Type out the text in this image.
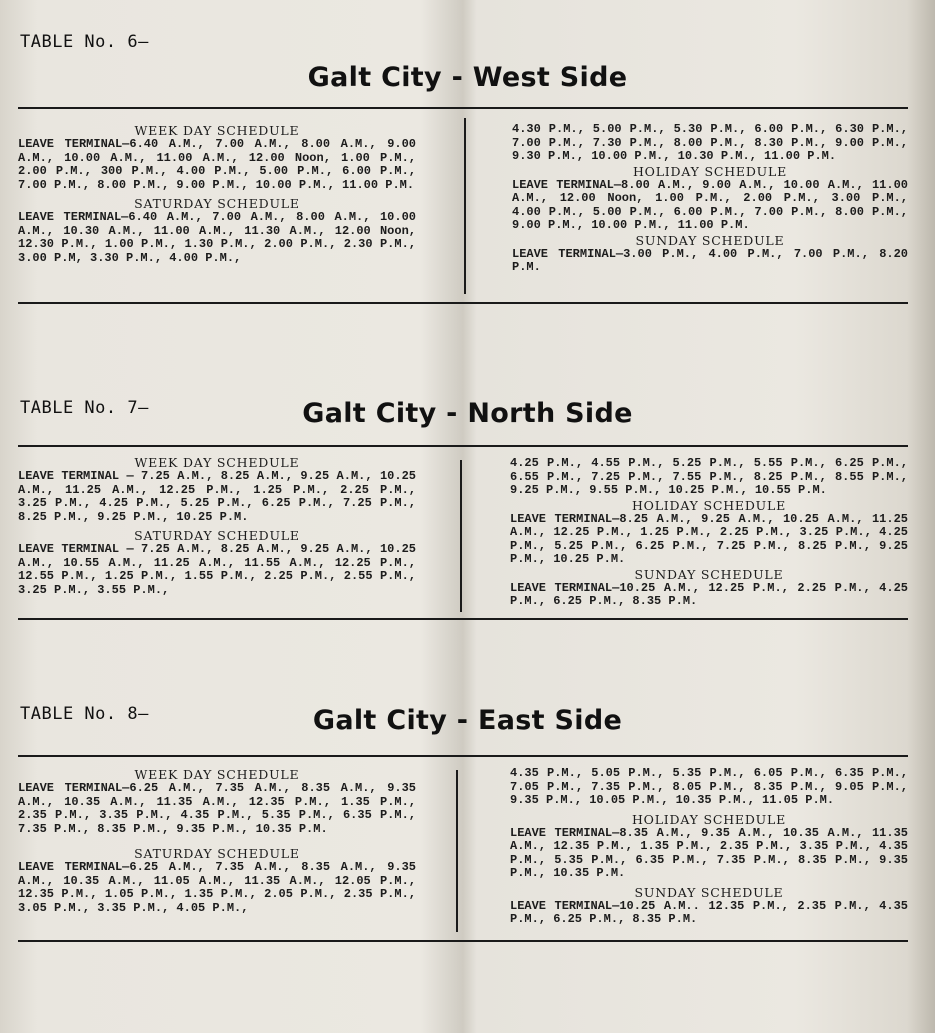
TABLE No. 6—
Galt City - West Side
WEEK DAY SCHEDULE
LEAVE TERMINAL—6.40 A.M., 7.00 A.M., 8.00 A.M., 9.00 A.M., 10.00 A.M., 11.00 A.M., 12.00 Noon, 1.00 P.M., 2.00 P.M., 300 P.M., 4.00 P.M., 5.00 P.M., 6.00 P.M., 7.00 P.M., 8.00 P.M., 9.00 P.M., 10.00 P.M., 11.00 P.M.
SATURDAY SCHEDULE
LEAVE TERMINAL—6.40 A.M., 7.00 A.M., 8.00 A.M., 10.00 A.M., 10.30 A.M., 11.00 A.M., 11.30 A.M., 12.00 Noon, 12.30 P.M., 1.00 P.M., 1.30 P.M., 2.00 P.M., 2.30 P.M., 3.00 P.M, 3.30 P.M., 4.00 P.M.,
4.30 P.M., 5.00 P.M., 5.30 P.M., 6.00 P.M., 6.30 P.M., 7.00 P.M., 7.30 P.M., 8.00 P.M., 8.30 P.M., 9.00 P.M., 9.30 P.M., 10.00 P.M., 10.30 P.M., 11.00 P.M.
HOLIDAY SCHEDULE
LEAVE TERMINAL—8.00 A.M., 9.00 A.M., 10.00 A.M., 11.00 A.M., 12.00 Noon, 1.00 P.M., 2.00 P.M., 3.00 P.M., 4.00 P.M., 5.00 P.M., 6.00 P.M., 7.00 P.M., 8.00 P.M., 9.00 P.M., 10.00 P.M., 11.00 P.M.
SUNDAY SCHEDULE
LEAVE TERMINAL—3.00 P.M., 4.00 P.M., 7.00 P.M., 8.20 P.M.
TABLE No. 7—	Galt City - North Side
WEEK DAY SCHEDULE
LEAVE TERMINAL — 7.25 A.M., 8.25 A.M., 9.25 A.M., 10.25 A.M., 11.25 A.M., 12.25 P.M., 1.25 P.M., 2.25 P.M., 3.25 P.M., 4.25 P.M., 5.25 P.M., 6.25 P.M., 7.25 P.M., 8.25 P.M., 9.25 P.M., 10.25 P.M.
SATURDAY SCHEDULE
LEAVE TERMINAL — 7.25 A.M., 8.25 A.M., 9.25 A.M., 10.25 A.M., 10.55 A.M., 11.25 A.M., 11.55 A.M., 12.25 P.M., 12.55 P.M., 1.25 P.M., 1.55 P.M., 2.25 P.M., 2.55 P.M., 3.25 P.M., 3.55 P.M.,
4.25 P.M., 4.55 P.M., 5.25 P.M., 5.55 P.M., 6.25 P.M., 6.55 P.M., 7.25 P.M., 7.55 P.M., 8.25 P.M., 8.55 P.M., 9.25 P.M., 9.55 P.M., 10.25 P.M., 10.55 P.M.
HOLIDAY SCHEDULE
LEAVE TERMINAL—8.25 A.M., 9.25 A.M., 10.25 A.M., 11.25 A.M., 12.25 P.M., 1.25 P.M., 2.25 P.M., 3.25 P.M., 4.25 P.M., 5.25 P.M., 6.25 P.M., 7.25 P.M., 8.25 P.M., 9.25 P.M., 10.25 P.M.
SUNDAY SCHEDULE
LEAVE TERMINAL—10.25 A.M., 12.25 P.M., 2.25 P.M., 4.25 P.M., 6.25 P.M., 8.35 P.M.
TABLE No. 8—	Galt City - East Side
WEEK DAY SCHEDULE
LEAVE TERMINAL—6.25 A.M., 7.35 A.M., 8.35 A.M., 9.35 A.M., 10.35 A.M., 11.35 A.M., 12.35 P.M., 1.35 P.M., 2.35 P.M., 3.35 P.M., 4.35 P.M., 5.35 P.M., 6.35 P.M., 7.35 P.M., 8.35 P.M., 9.35 P.M., 10.35 P.M.
SATURDAY SCHEDULE
LEAVE TERMINAL—6.25 A.M., 7.35 A.M., 8.35 A.M., 9.35 A.M., 10.35 A.M., 11.05 A.M., 11.35 A.M., 12.05 P.M., 12.35 P.M., 1.05 P.M., 1.35 P.M., 2.05 P.M., 2.35 P.M., 3.05 P.M., 3.35 P.M., 4.05 P.M.,
4.35 P.M., 5.05 P.M., 5.35 P.M., 6.05 P.M., 6.35 P.M., 7.05 P.M., 7.35 P.M., 8.05 P.M., 8.35 P.M., 9.05 P.M., 9.35 P.M., 10.05 P.M., 10.35 P.M., 11.05 P.M.
HOLIDAY SCHEDULE
LEAVE TERMINAL—8.35 A.M., 9.35 A.M., 10.35 A.M., 11.35 A.M., 12.35 P.M., 1.35 P.M., 2.35 P.M., 3.35 P.M., 4.35 P.M., 5.35 P.M., 6.35 P.M., 7.35 P.M., 8.35 P.M., 9.35 P.M., 10.35 P.M.
SUNDAY SCHEDULE
LEAVE TERMINAL—10.25 A.M.. 12.35 P.M., 2.35 P.M., 4.35 P.M., 6.25 P.M., 8.35 P.M.
